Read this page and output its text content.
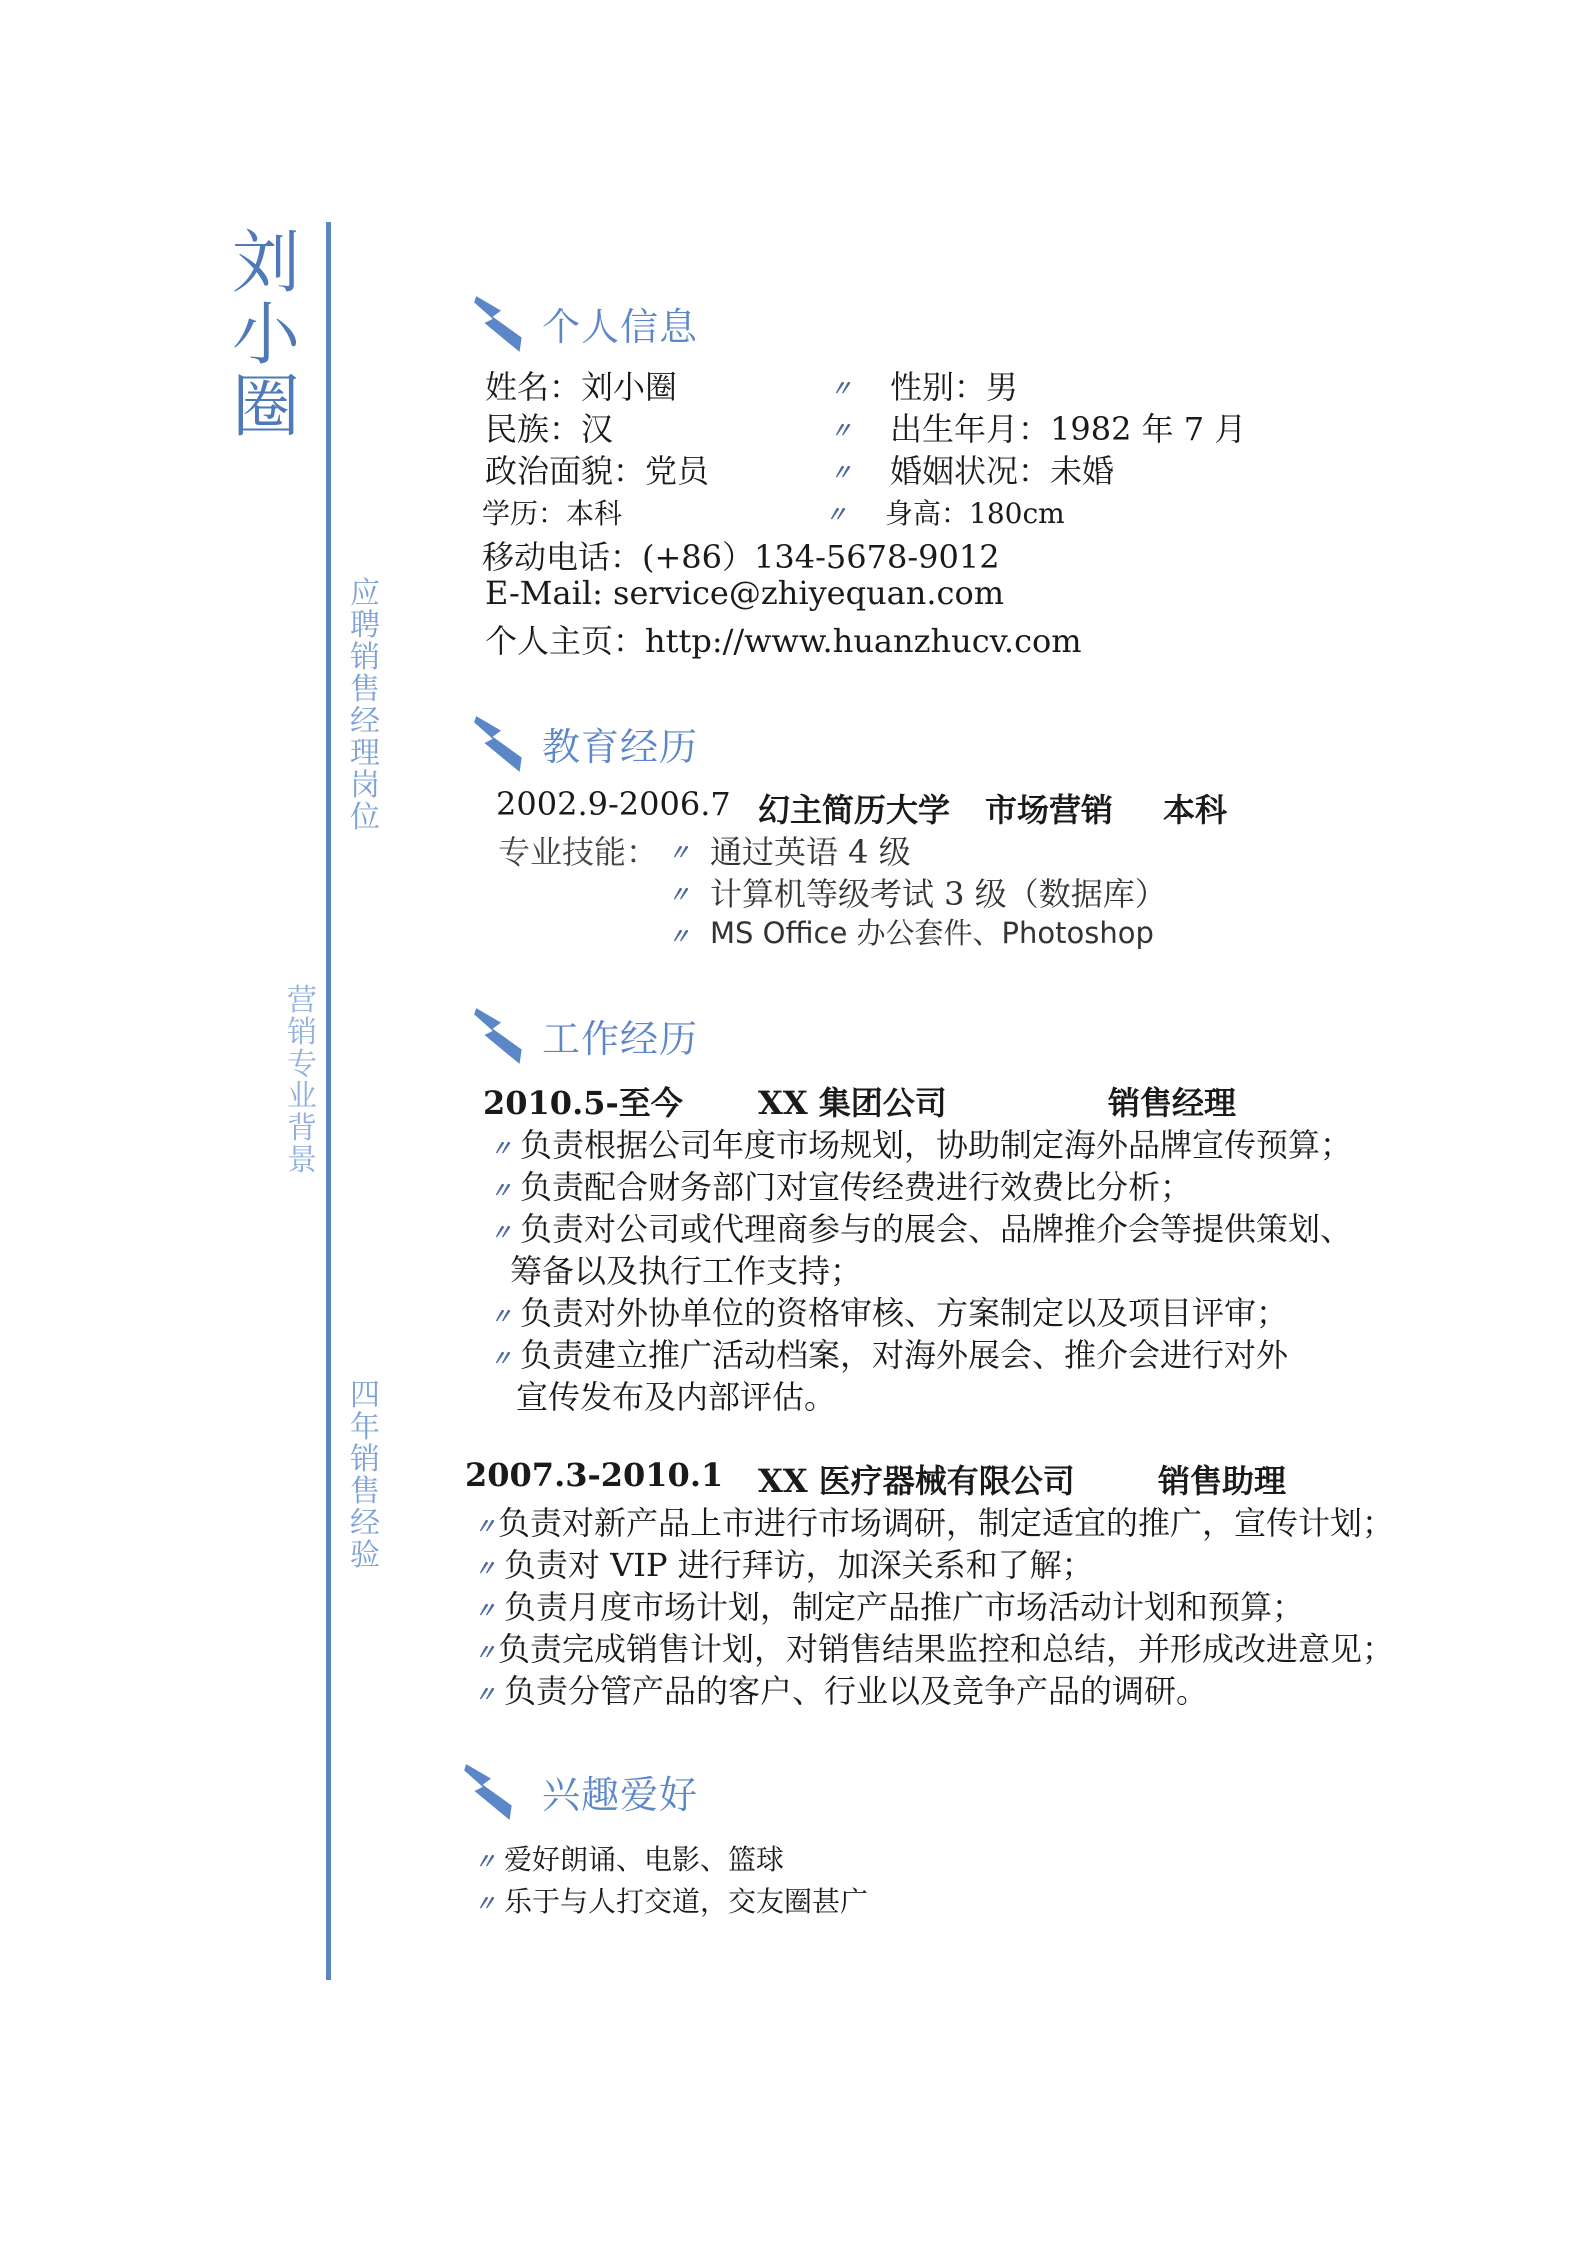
刘小圈
应聘销售经理岗位
营销专业背景
四年销售经验
个人信息
姓名：刘小圈	〃 性别：男
民族：汉	〃 出生年月：1982 年 7 月
政治面貌：党员	〃 婚姻状况：未婚
学历：本科	〃 身高：180cm
移动电话：(+86）134-5678-9012
E-Mail: service@zhiyequan.com
个人主页：http://www.huanzhucv.com
教育经历
2002.9-2006.7 幻主简历大学 市场营销 本科
专业技能： 〃 通过英语 4 级
〃 计算机等级考试 3 级（数据库）
〃 MS Office 办公套件、Photoshop
工作经历
2010.5-至今 XX 集团公司	销售经理
〃 负责根据公司年度市场规划，协助制定海外品牌宣传预算；
〃 负责配合财务部门对宣传经费进行效费比分析；
〃 负责对公司或代理商参与的展会、品牌推介会等提供策划、
筹备以及执行工作支持；
〃 负责对外协单位的资格审核、方案制定以及项目评审；
〃 负责建立推广活动档案，对海外展会、推介会进行对外
宣传发布及内部评估。
2007.3-2010.1 XX 医疗器械有限公司	销售助理
〃负责对新产品上市进行市场调研，制定适宜的推广，宣传计划；
〃 负责对 VIP 进行拜访，加深关系和了解；
〃 负责月度市场计划，制定产品推广市场活动计划和预算；
〃负责完成销售计划，对销售结果监控和总结，并形成改进意见；
〃 负责分管产品的客户、行业以及竞争产品的调研。
兴趣爱好
〃 爱好朗诵、电影、篮球
〃 乐于与人打交道，交友圈甚广
